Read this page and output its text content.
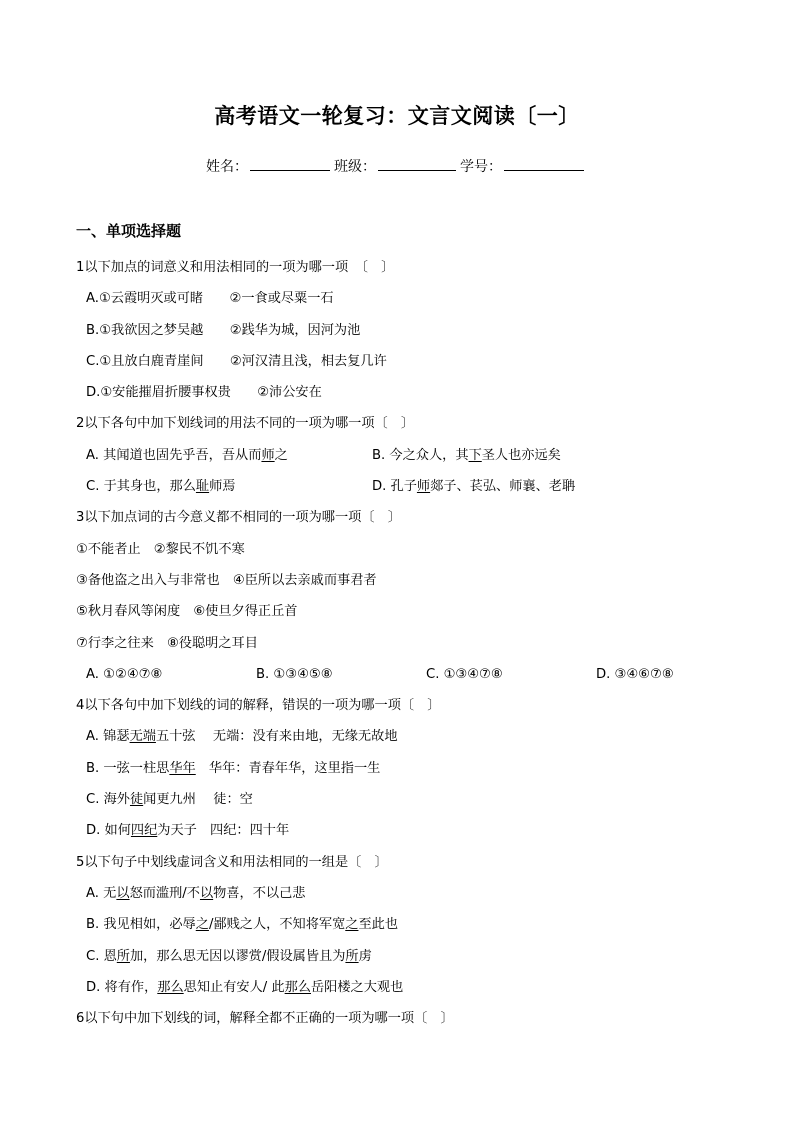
高考语文一轮复习：文言文阅读〔一〕
姓名：	班级：	学号：
一、单项选择题
1以下加点的词意义和用法相同的一项为哪一项　〔　〕
A.①云霞明灭或可睹　　②一食或尽粟一石
B.①我欲因之梦吴越　　②践华为城，因河为池
C.①且放白鹿青崖间　　②河汉清且浅，相去复几许
D.①安能摧眉折腰事权贵　　②沛公安在
2以下各句中加下划线词的用法不同的一项为哪一项〔　〕
A. 其闻道也固先乎吾，吾从而师之	B. 今之众人，其下圣人也亦远矣
C. 于其身也，那么耻师焉	D. 孔子师郯子、苌弘、师襄、老聃
3以下加点词的古今意义都不相同的一项为哪一项〔　〕
①不能者止　②黎民不饥不寒
③备他盗之出入与非常也　④臣所以去亲戚而事君者
⑤秋月春风等闲度　⑥使旦夕得正丘首
⑦行李之往来　⑧役聪明之耳目
A. ①②④⑦⑧	B. ①③④⑤⑧	C. ①③④⑦⑧	D. ③④⑥⑦⑧
4以下各句中加下划线的词的解释，错误的一项为哪一项〔　〕
A. 锦瑟无端五十弦　 无端：没有来由地，无缘无故地
B. 一弦一柱思华年　华年：青春年华，这里指一生
C. 海外徒闻更九州　 徒：空
D. 如何四纪为天子　四纪：四十年
5以下句子中划线虚词含义和用法相同的一组是〔　〕
A. 无以怒而滥刑/不以物喜，不以己悲
B. 我见相如，必辱之/鄙贱之人，不知将军宽之至此也
C. 恩所加，那么思无因以谬赏/假设属皆且为所虏
D. 将有作，那么思知止有安人/ 此那么岳阳楼之大观也
6以下句中加下划线的词，解释全都不正确的一项为哪一项〔　〕
